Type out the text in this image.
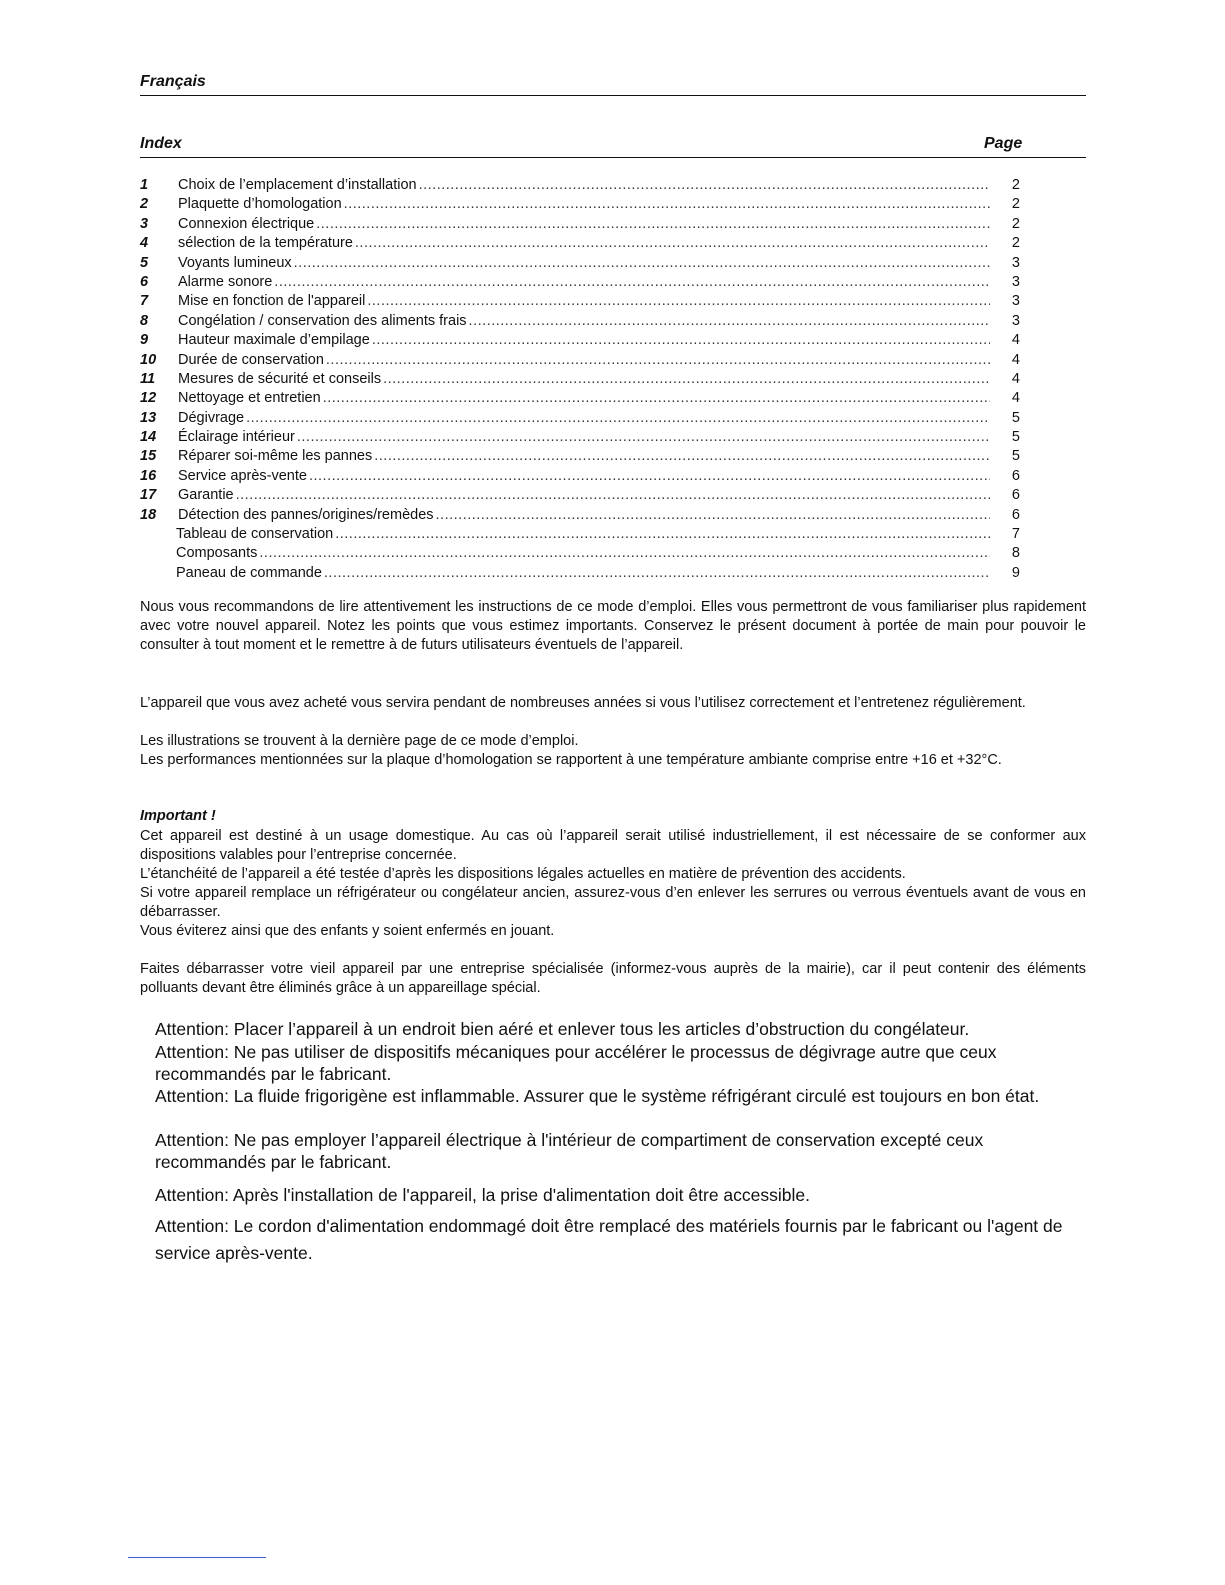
Français
Index	Page
1	Choix de l’emplacement d’installation .....	2
2	Plaquette d’homologation .....	2
3	Connexion électrique .....	2
4	sélection de la température .....	2
5	Voyants lumineux .....	3
6	Alarme sonore .....	3
7	Mise en fonction de l'appareil .....	3
8	Congélation / conservation des aliments frais .....	3
9	Hauteur maximale d’empilage .....	4
10	Durée de conservation .....	4
11	Mesures de sécurité et conseils .....	4
12	Nettoyage et entretien .....	4
13	Dégivrage .....	5
14	Éclairage intérieur .....	5
15	Réparer soi-même les pannes .....	5
16	Service après-vente .....	6
17	Garantie .....	6
18	Détection des pannes/origines/remèdes .....	6
Tableau de conservation .....	7
Composants .....	8
Paneau de commande .....	9

Nous vous recommandons de lire attentivement les instructions de ce mode d’emploi. Elles vous permettront de vous familiariser plus rapidement avec votre nouvel appareil. Notez les points que vous estimez importants. Conservez le présent document à portée de main pour pouvoir le consulter à tout moment et le remettre à de futurs utilisateurs éventuels de l’appareil.

L’appareil que vous avez acheté vous servira pendant de nombreuses années si vous l’utilisez correctement et l’entretenez régulièrement.

Les illustrations se trouvent à la dernière page de ce mode d’emploi.

Les performances mentionnées sur la plaque d’homologation se rapportent à une température ambiante comprise entre +16 et +32°C.

Important !

Cet appareil est destiné à un usage domestique. Au cas où l’appareil serait utilisé industriellement, il est nécessaire de se conformer aux dispositions valables pour l’entreprise concernée.

L’étanchéité de l’appareil a été testée d’après les dispositions légales actuelles en matière de prévention des accidents.

Si votre appareil remplace un réfrigérateur ou congélateur ancien, assurez-vous d’en enlever les serrures ou verrous éventuels avant de vous en débarrasser.

Vous éviterez ainsi que des enfants y soient enfermés en jouant.

Faites débarrasser votre vieil appareil par une entreprise spécialisée (informez-vous auprès de la mairie), car il peut contenir des éléments polluants devant être éliminés grâce à un appareillage spécial.

Attention: Placer l’appareil à un endroit bien aéré et enlever tous les articles d’obstruction du congélateur.

Attention: Ne pas utiliser de dispositifs mécaniques pour accélérer le processus de dégivrage autre que ceux recommandés par le fabricant.

Attention: La fluide frigorigène est inflammable. Assurer que le système réfrigérant circulé est toujours en bon état.

Attention: Ne pas employer l’appareil électrique à l'intérieur de compartiment de conservation excepté ceux recommandés par le fabricant.

Attention: Après l'installation de l'appareil, la prise d'alimentation doit être accessible.

Attention: Le cordon d'alimentation endommagé doit être remplacé des matériels fournis par le fabricant ou l'agent de service après-vente.
